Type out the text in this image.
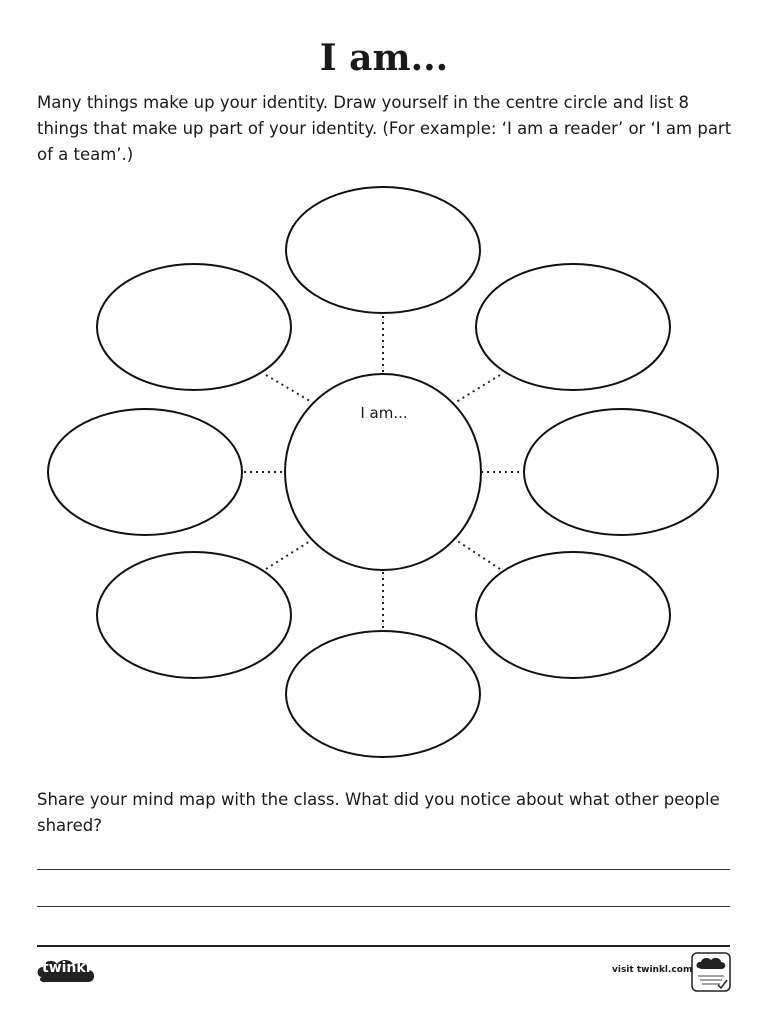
I am...
Many things make up your identity. Draw yourself in the centre circle and list 8 things that make up part of your identity. (For example: ‘I am a reader’ or ‘I am part of a team’.)
I am...
Share your mind map with the class. What did you notice about what other people shared?
twinkl	visit twinkl.com
